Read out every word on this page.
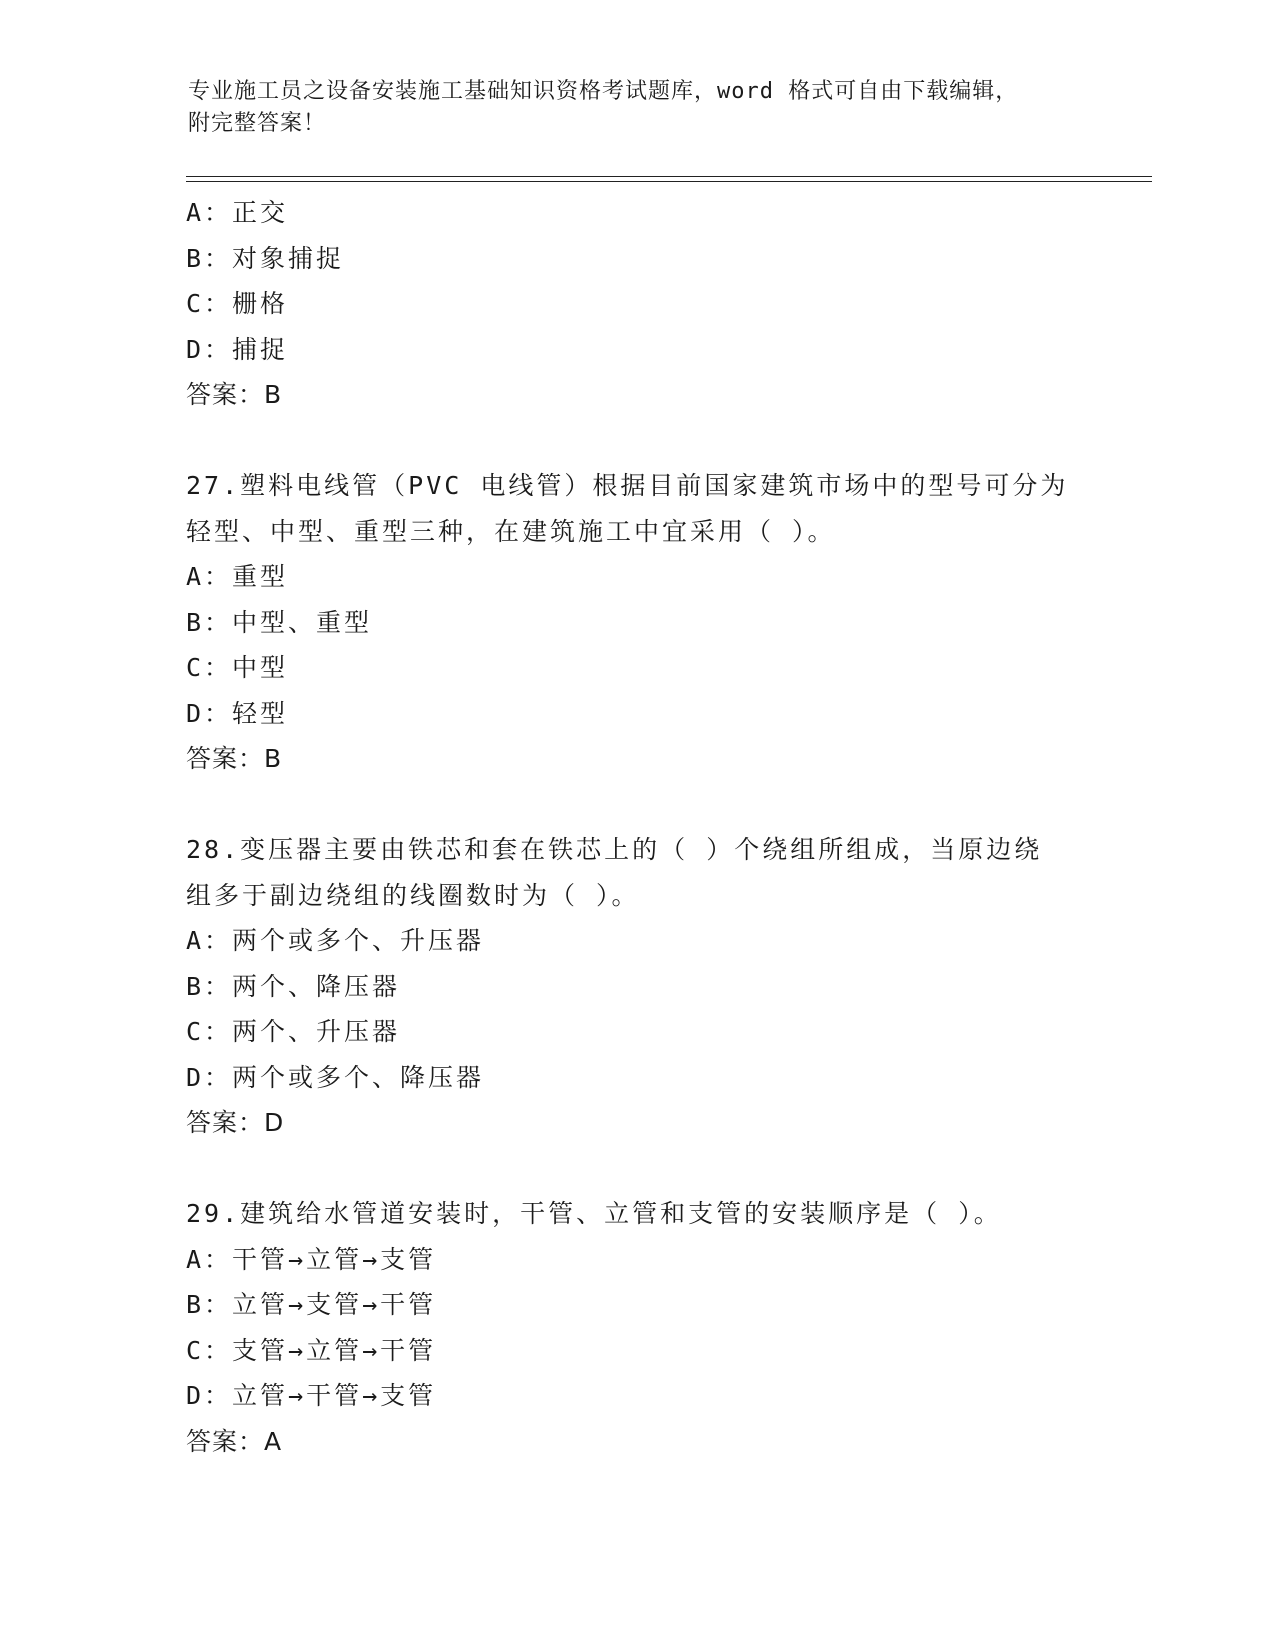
专业施工员之设备安装施工基础知识资格考试题库，word 格式可自由下载编辑，
附完整答案！
A：正交
B：对象捕捉
C：栅格
D：捕捉
答案：B
27.塑料电线管（PVC 电线管）根据目前国家建筑市场中的型号可分为
轻型、中型、重型三种，在建筑施工中宜采用（ ）。
A：重型
B：中型、重型
C：中型
D：轻型
答案：B
28.变压器主要由铁芯和套在铁芯上的（ ）个绕组所组成，当原边绕
组多于副边绕组的线圈数时为（ ）。
A：两个或多个、升压器
B：两个、降压器
C：两个、升压器
D：两个或多个、降压器
答案：D
29.建筑给水管道安装时，干管、立管和支管的安装顺序是（ ）。
A：干管→立管→支管
B：立管→支管→干管
C：支管→立管→干管
D：立管→干管→支管
答案：A
